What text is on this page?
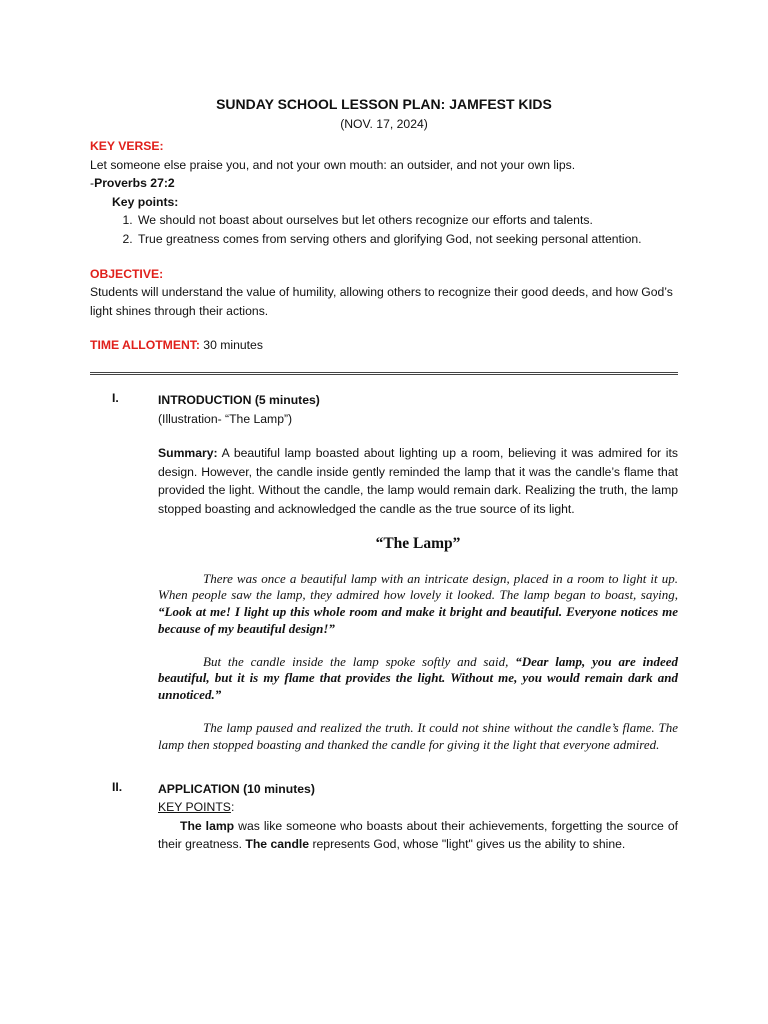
SUNDAY SCHOOL LESSON PLAN: JAMFEST KIDS
(NOV. 17, 2024)
KEY VERSE:
Let someone else praise you, and not your own mouth: an outsider, and not your own lips.
-Proverbs 27:2
Key points:
1. We should not boast about ourselves but let others recognize our efforts and talents.
2. True greatness comes from serving others and glorifying God, not seeking personal attention.
OBJECTIVE:
Students will understand the value of humility, allowing others to recognize their good deeds, and how God’s light shines through their actions.
TIME ALLOTMENT: 30 minutes
I.	INTRODUCTION (5 minutes)
(Illustration- “The Lamp”)
Summary: A beautiful lamp boasted about lighting up a room, believing it was admired for its design. However, the candle inside gently reminded the lamp that it was the candle’s flame that provided the light. Without the candle, the lamp would remain dark. Realizing the truth, the lamp stopped boasting and acknowledged the candle as the true source of its light.
“The Lamp”

There was once a beautiful lamp with an intricate design, placed in a room to light it up. When people saw the lamp, they admired how lovely it looked. The lamp began to boast, saying, “Look at me! I light up this whole room and make it bright and beautiful. Everyone notices me because of my beautiful design!”

But the candle inside the lamp spoke softly and said, “Dear lamp, you are indeed beautiful, but it is my flame that provides the light. Without me, you would remain dark and unnoticed.”

The lamp paused and realized the truth. It could not shine without the candle’s flame. The lamp then stopped boasting and thanked the candle for giving it the light that everyone admired.

II.	APPLICATION (10 minutes)
KEY POINTS:
The lamp was like someone who boasts about their achievements, forgetting the source of their greatness. The candle represents God, whose "light" gives us the ability to shine.
